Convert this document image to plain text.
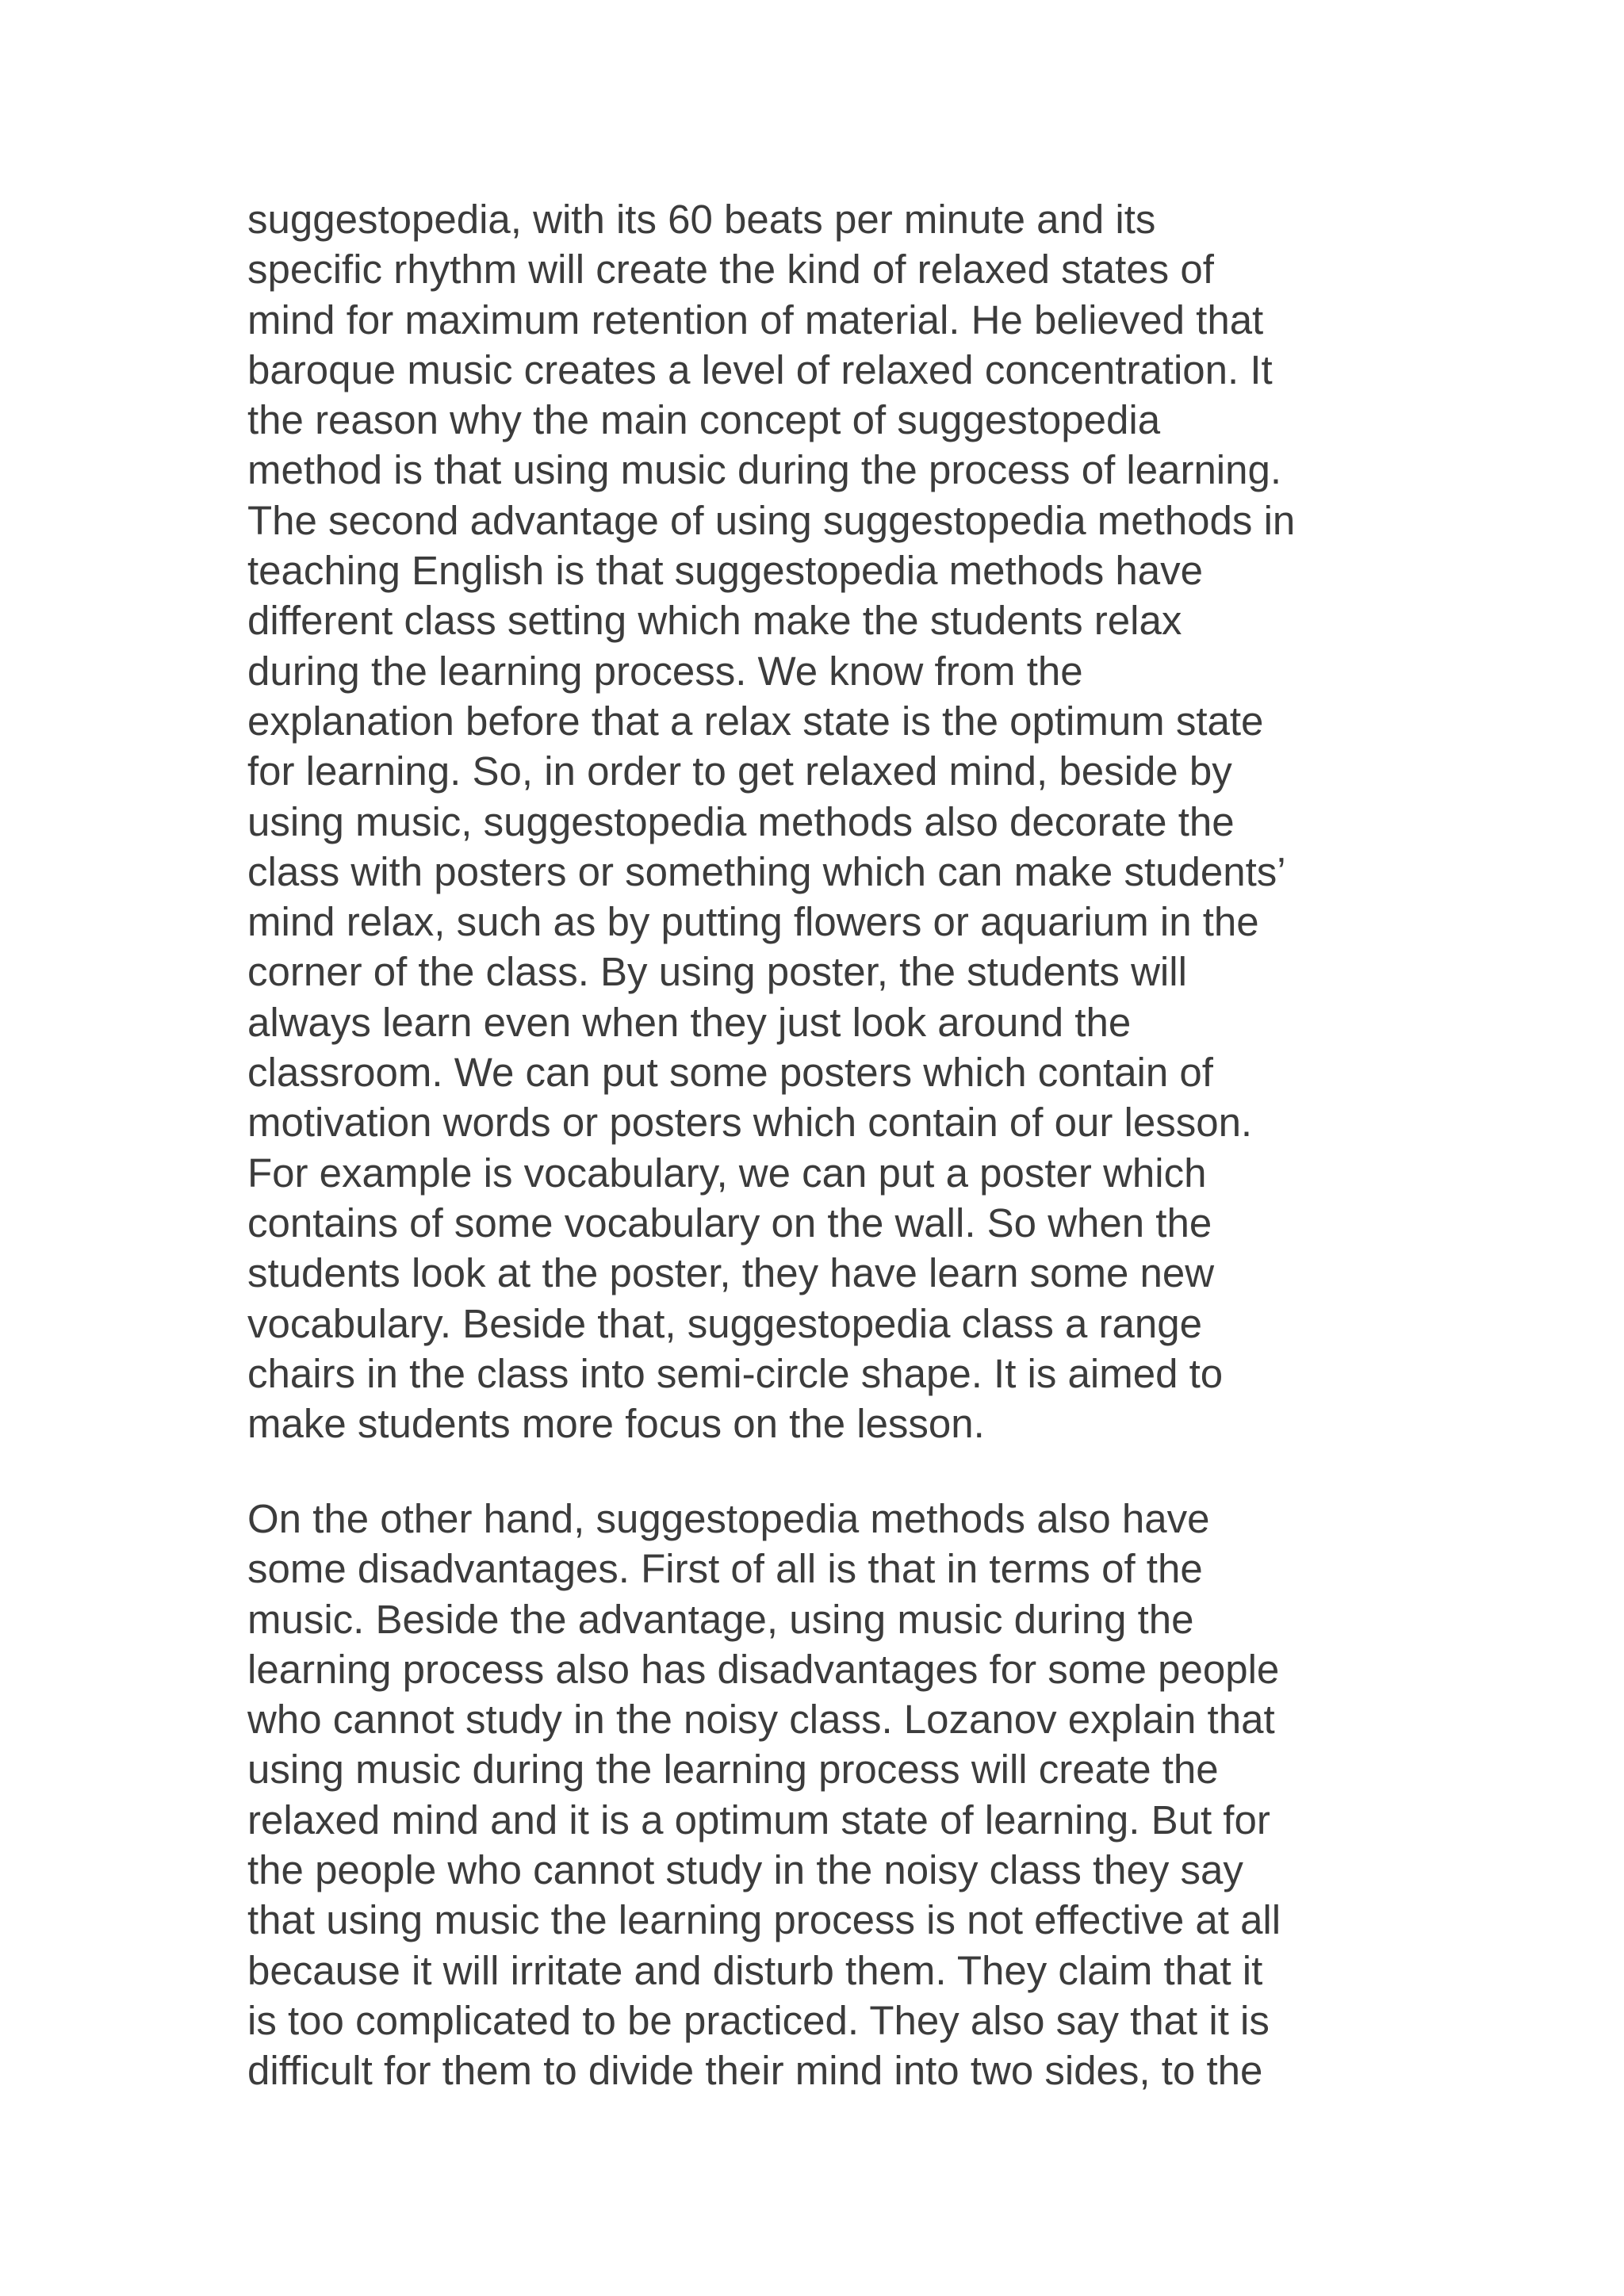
suggestopedia, with its 60 beats per minute and its
specific rhythm will create the kind of relaxed states of
mind for maximum retention of material. He believed that
baroque music creates a level of relaxed concentration. It
the reason why the main concept of suggestopedia
method is that using music during the process of learning.
The second advantage of using suggestopedia methods in
teaching English is that suggestopedia methods have
different class setting which make the students relax
during the learning process. We know from the
explanation before that a relax state is the optimum state
for learning. So, in order to get relaxed mind, beside by
using music, suggestopedia methods also decorate the
class with posters or something which can make students’
mind relax, such as by putting flowers or aquarium in the
corner of the class. By using poster, the students will
always learn even when they just look around the
classroom. We can put some posters which contain of
motivation words or posters which contain of our lesson.
For example is vocabulary, we can put a poster which
contains of some vocabulary on the wall. So when the
students look at the poster, they have learn some new
vocabulary. Beside that, suggestopedia class a range
chairs in the class into semi-circle shape. It is aimed to
make students more focus on the lesson.
On the other hand, suggestopedia methods also have
some disadvantages. First of all is that in terms of the
music. Beside the advantage, using music during the
learning process also has disadvantages for some people
who cannot study in the noisy class. Lozanov explain that
using music during the learning process will create the
relaxed mind and it is a optimum state of learning. But for
the people who cannot study in the noisy class they say
that using music the learning process is not effective at all
because it will irritate and disturb them. They claim that it
is too complicated to be practiced. They also say that it is
difficult for them to divide their mind into two sides, to the
